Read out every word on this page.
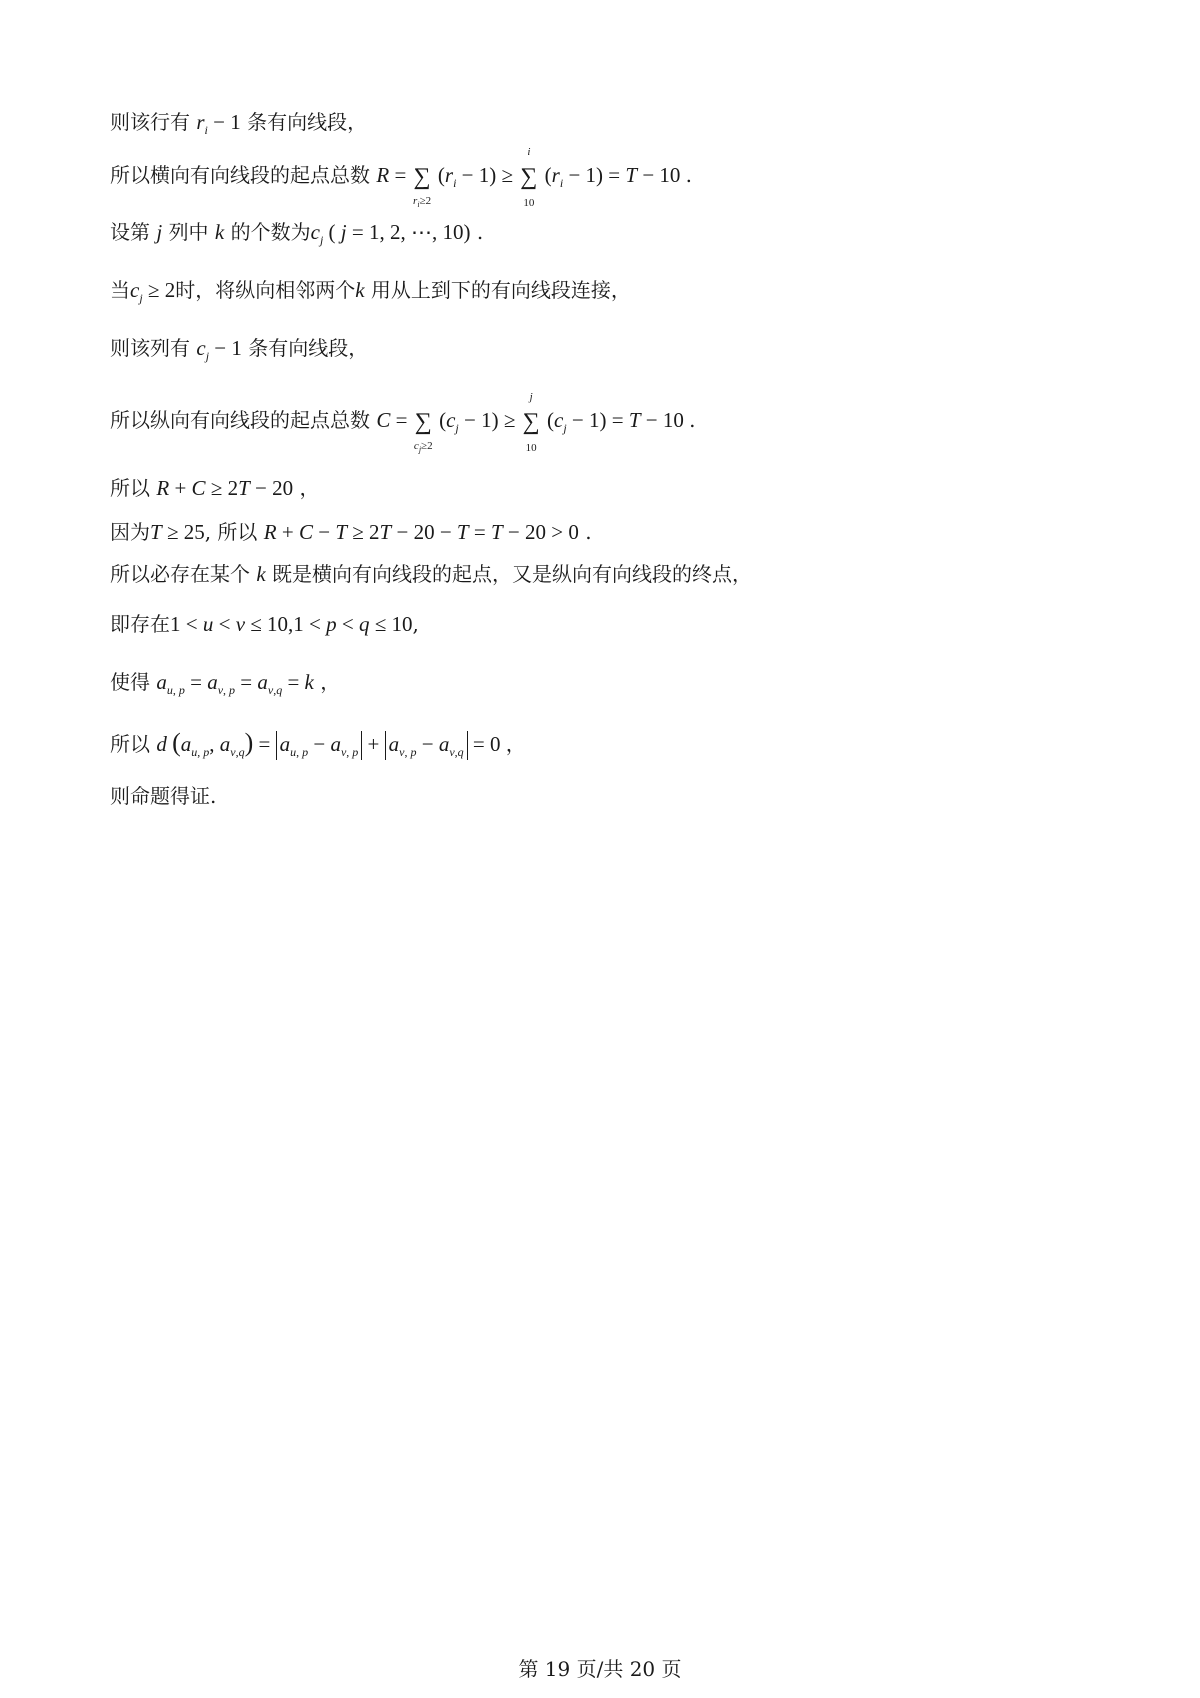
则该行有 $r_i - 1$ 条有向线段，
所以横向有向线段的起点总数 R = ∑
$r_i\ge 2$
$(r_i - 1)$ ≥
i
∑
10
$(r_i - 1) = T - 10$ .
设第 j 列中 k 的个数为$c_j$ ( j = 1, 2, ⋯, 10) .
当$c_j \ge 2$时，将纵向相邻两个k 用从上到下的有向线段连接，
则该列有 $c_j - 1$ 条有向线段，
所以纵向有向线段的起点总数 C = ∑
$c_j\ge 2$
$(c_j - 1)$ ≥
j
∑
10
$(c_j - 1) = T - 10$ .
所以 R + C ≥ 2T − 20 ，
因为T ≥ 25, 所以 R + C − T ≥ 2T − 20 − T = T − 20 > 0 .
所以必存在某个 k 既是横向有向线段的起点，又是纵向有向线段的终点，
即存在1 < u < v ≤ 10,1 < p < q ≤ 10,
使得 $a_{u, p} = a_{v, p} = a_{v,q} = k$ ，
所以 d ($a_{u, p}$, $a_{v,q}) = a_{u, p} - a_{v, p} + a_{v, p} - a_{v,q} = 0$ ，
则命题得证.
第 19 页/共 20 页
